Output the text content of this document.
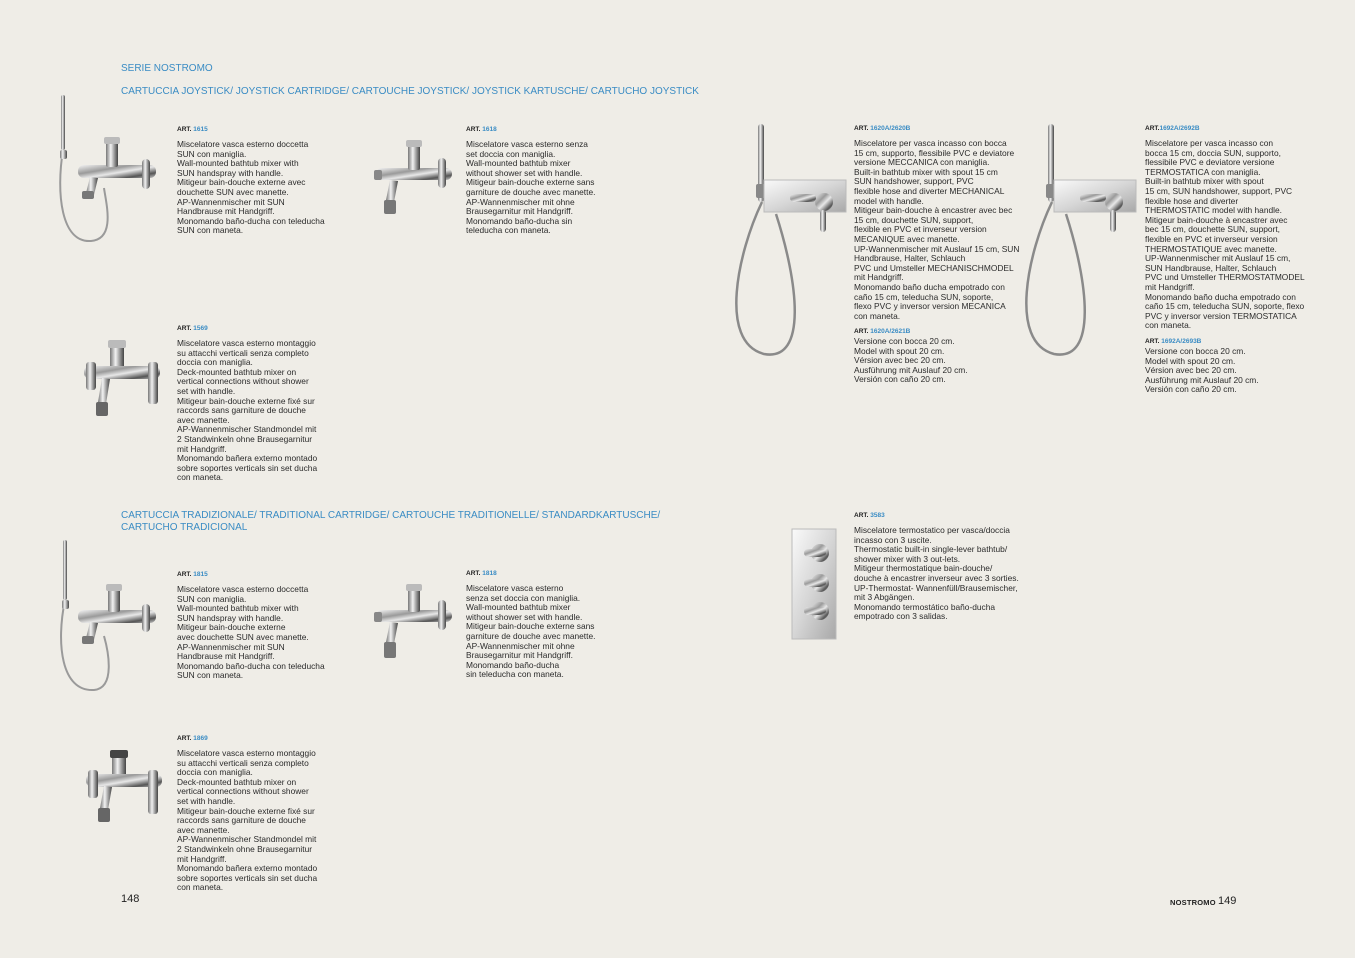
SERIE NOSTROMO
CARTUCCIA JOYSTICK/ JOYSTICK CARTRIDGE/ CARTOUCHE JOYSTICK/ JOYSTICK KARTUSCHE/ CARTUCHO JOYSTICK
CARTUCCIA TRADIZIONALE/ TRADITIONAL CARTRIDGE/ CARTOUCHE TRADITIONELLE/ STANDARDKARTUSCHE/
CARTUCHO TRADICIONAL
ART. 1615
Miscelatore vasca esterno doccetta
SUN con maniglia.
Wall-mounted bathtub mixer with
SUN handspray with handle.
Mitigeur bain-douche externe avec
douchette SUN avec manette.
AP-Wannenmischer mit SUN
Handbrause mit Handgriff.
Monomando baño-ducha con teleducha
SUN con maneta.
ART. 1618
Miscelatore vasca esterno senza
set doccia con maniglia.
Wall-mounted bathtub mixer
without shower set with handle.
Mitigeur bain-douche externe sans
garniture de douche avec manette.
AP-Wannenmischer mit ohne
Brausegarnitur mit Handgriff.
Monomando baño-ducha sin
teleducha con maneta.
ART. 1569
Miscelatore vasca esterno montaggio
su attacchi verticali senza completo
doccia con maniglia.
Deck-mounted bathtub mixer on
vertical connections without shower
set with handle.
Mitigeur bain-douche externe fixé sur
raccords sans garniture de douche
avec manette.
AP-Wannenmischer Standmondel mit
2 Standwinkeln ohne Brausegarnitur
mit Handgriff.
Monomando bañera externo montado
sobre soportes verticals sin set ducha
con maneta.
ART. 1620A/2620B
Miscelatore per vasca incasso con bocca
15 cm, supporto, flessibile PVC e deviatore
versione MECCANICA con maniglia.
Built-in bathtub mixer with spout 15 cm
SUN handshower, support, PVC
flexible hose and diverter MECHANICAL
model with handle.
Mitigeur bain-douche à encastrer avec bec
15 cm, douchette SUN, support,
flexible en PVC et inverseur version
MECANIQUE avec manette.
UP-Wannenmischer mit Auslauf 15 cm, SUN
Handbrause, Halter, Schlauch
PVC und Umsteller MECHANISCHMODEL
mit Handgriff.
Monomando baño ducha empotrado con
caño 15 cm, teleducha SUN, soporte,
flexo PVC y inversor version MECANICA
con maneta.
ART. 1620A/2621B
Versione con bocca 20 cm.
Model with spout 20 cm.
Vérsion avec bec 20 cm.
Ausführung mit Auslauf 20 cm.
Versión con caño 20 cm.
ART.1692A/2692B
Miscelatore per vasca incasso con
bocca 15 cm, doccia SUN, supporto,
flessibile PVC e deviatore versione
TERMOSTATICA con maniglia.
Built-in bathtub mixer with spout
15 cm, SUN handshower, support, PVC
flexible hose and diverter
THERMOSTATIC model with handle.
Mitigeur bain-douche à encastrer avec
bec 15 cm, douchette SUN, support,
flexible en PVC et inverseur version
THERMOSTATIQUE avec manette.
UP-Wannenmischer mit Auslauf 15 cm,
SUN Handbrause, Halter, Schlauch
PVC und Umsteller THERMOSTATMODEL
mit Handgriff.
Monomando baño ducha empotrado con
caño 15 cm, teleducha SUN, soporte, flexo
PVC y inversor version TERMOSTATICA
con maneta.
ART. 1692A/2693B
Versione con bocca 20 cm.
Model with spout 20 cm.
Vérsion avec bec 20 cm.
Ausführung mit Auslauf 20 cm.
Versión con caño 20 cm.
ART. 1815
Miscelatore vasca esterno doccetta
SUN con maniglia.
Wall-mounted bathtub mixer with
SUN handspray with handle.
Mitigeur bain-douche externe
avec douchette SUN avec manette.
AP-Wannenmischer mit SUN
Handbrause mit Handgriff.
Monomando baño-ducha con teleducha
SUN con maneta.
ART. 1818
Miscelatore vasca esterno
senza set doccia con maniglia.
Wall-mounted bathtub mixer
without shower set with handle.
Mitigeur bain-douche externe sans
garniture de douche avec manette.
AP-Wannenmischer mit ohne
Brausegarnitur mit Handgriff.
Monomando baño-ducha
sin teleducha con maneta.
ART. 1869
Miscelatore vasca esterno montaggio
su attacchi verticali senza completo
doccia con maniglia.
Deck-mounted bathtub mixer on
vertical connections without shower
set with handle.
Mitigeur bain-douche externe fixé sur
raccords sans garniture de douche
avec manette.
AP-Wannenmischer Standmondel mit
2 Standwinkeln ohne Brausegarnitur
mit Handgriff.
Monomando bañera externo montado
sobre soportes verticals sin set ducha
con maneta.
ART. 3583
Miscelatore termostatico per vasca/doccia
incasso con 3 uscite.
Thermostatic built-in single-lever bathtub/
shower mixer with 3 out-lets.
Mitigeur thermostatique bain-douche/
douche à encastrer inverseur avec 3 sorties.
UP-Thermostat- Wannenfüll/Brausemischer,
mit 3 Abgängen.
Monomando termostático baño-ducha
empotrado con 3 salidas.
148	NOSTROMO 149
